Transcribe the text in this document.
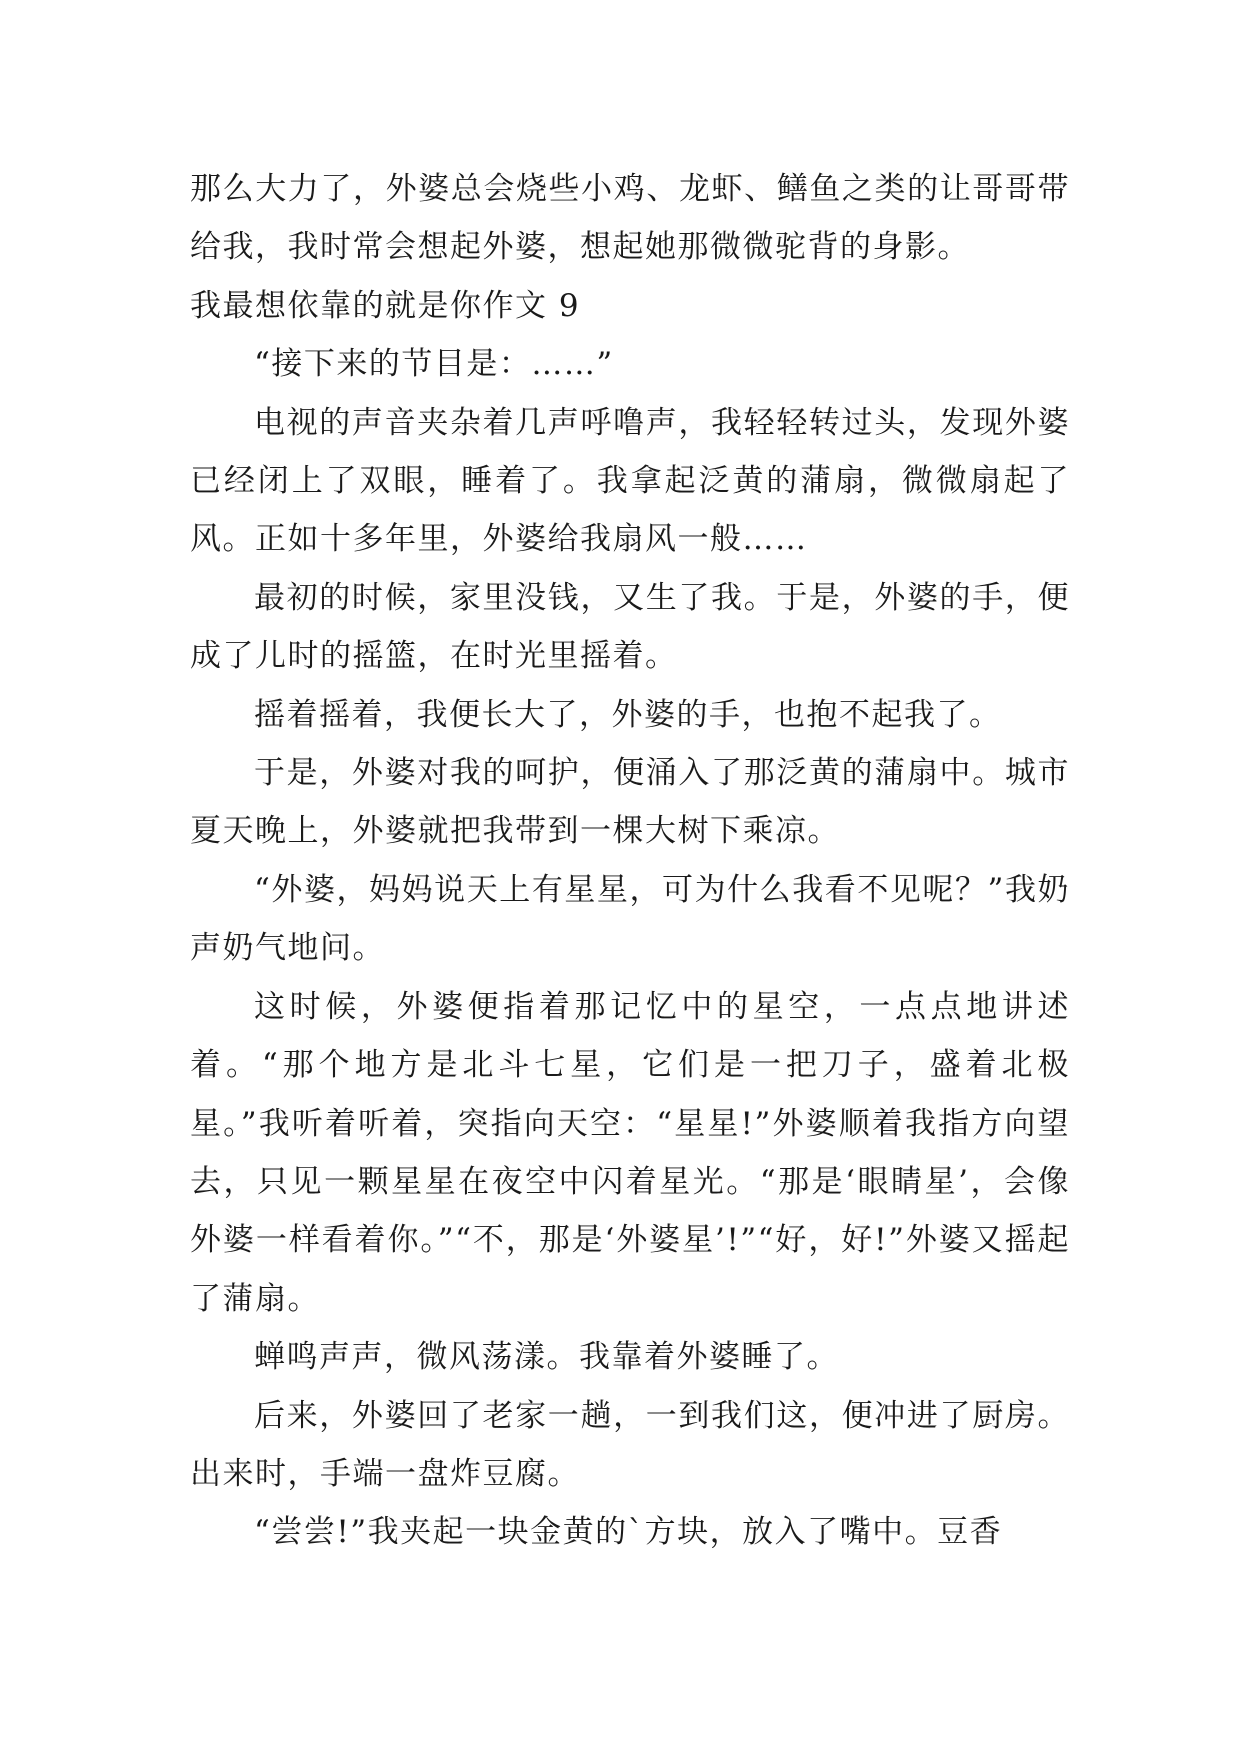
那么大力了，外婆总会烧些小鸡、龙虾、鳝鱼之类的让哥哥带给我，我时常会想起外婆，想起她那微微驼背的身影。

我最想依靠的就是你作文 9

“接下来的节目是：……”

电视的声音夹杂着几声呼噜声，我轻轻转过头，发现外婆已经闭上了双眼，睡着了。我拿起泛黄的蒲扇，微微扇起了风。正如十多年里，外婆给我扇风一般……

最初的时候，家里没钱，又生了我。于是，外婆的手，便成了儿时的摇篮，在时光里摇着。

摇着摇着，我便长大了，外婆的手，也抱不起我了。

于是，外婆对我的呵护，便涌入了那泛黄的蒲扇中。城市夏天晚上，外婆就把我带到一棵大树下乘凉。

“外婆，妈妈说天上有星星，可为什么我看不见呢？”我奶声奶气地问。

这时候，外婆便指着那记忆中的星空，一点点地讲述着。“那个地方是北斗七星，它们是一把刀子，盛着北极星。”我听着听着，突指向天空：“星星!”外婆顺着我指方向望去，只见一颗星星在夜空中闪着星光。“那是‘眼睛星’，会像外婆一样看着你。”“不，那是‘外婆星’!”“好，好!”外婆又摇起了蒲扇。

蝉鸣声声，微风荡漾。我靠着外婆睡了。

后来，外婆回了老家一趟，一到我们这，便冲进了厨房。出来时，手端一盘炸豆腐。

“尝尝!”我夹起一块金黄的`方块，放入了嘴中。豆香
